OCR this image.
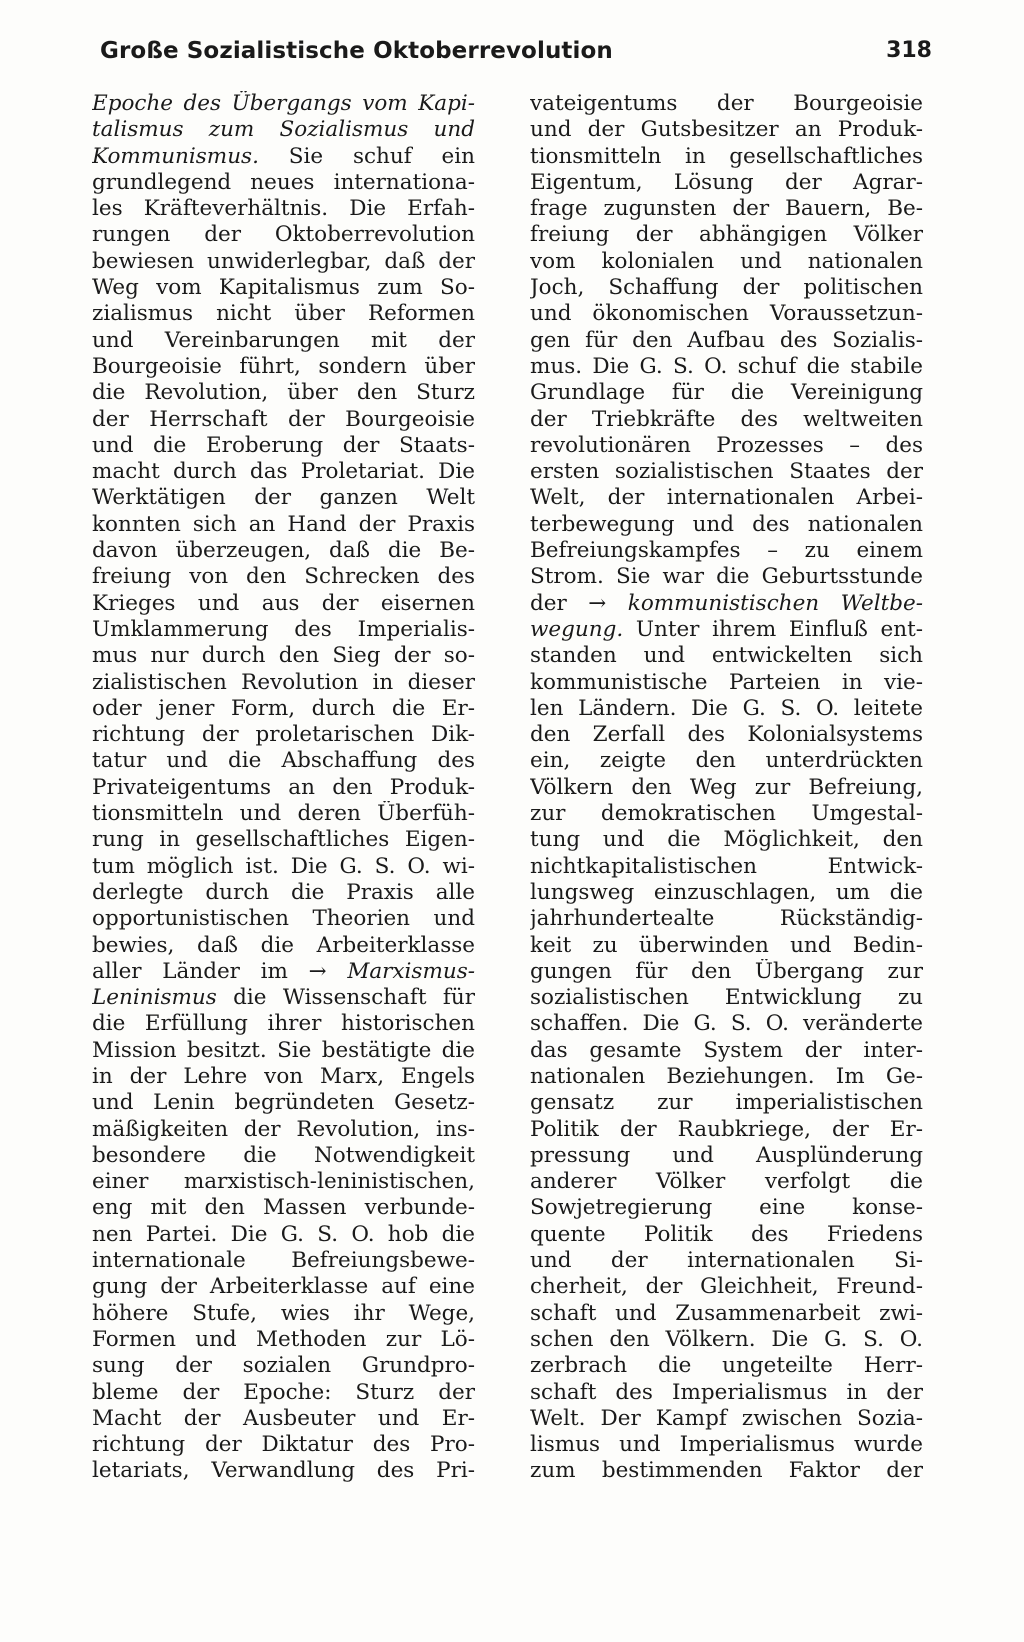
Große Sozialistische Oktoberrevolution	318
Epoche des Übergangs vom Kapi-
talismus zum Sozialismus und
Kommunismus. Sie schuf ein
grundlegend neues internationa-
les Kräfteverhältnis. Die Erfah-
rungen der Oktoberrevolution
bewiesen unwiderlegbar, daß der
Weg vom Kapitalismus zum So-
zialismus nicht über Reformen
und Vereinbarungen mit der
Bourgeoisie führt, sondern über
die Revolution, über den Sturz
der Herrschaft der Bourgeoisie
und die Eroberung der Staats-
macht durch das Proletariat. Die
Werktätigen der ganzen Welt
konnten sich an Hand der Praxis
davon überzeugen, daß die Be-
freiung von den Schrecken des
Krieges und aus der eisernen
Umklammerung des Imperialis-
mus nur durch den Sieg der so-
zialistischen Revolution in dieser
oder jener Form, durch die Er-
richtung der proletarischen Dik-
tatur und die Abschaffung des
Privateigentums an den Produk-
tionsmitteln und deren Überfüh-
rung in gesellschaftliches Eigen-
tum möglich ist. Die G. S. O. wi-
derlegte durch die Praxis alle
opportunistischen Theorien und
bewies, daß die Arbeiterklasse
aller Länder im → Marxismus-
Leninismus die Wissenschaft für
die Erfüllung ihrer historischen
Mission besitzt. Sie bestätigte die
in der Lehre von Marx, Engels
und Lenin begründeten Gesetz-
mäßigkeiten der Revolution, ins-
besondere die Notwendigkeit
einer marxistisch-leninistischen,
eng mit den Massen verbunde-
nen Partei. Die G. S. O. hob die
internationale Befreiungsbewe-
gung der Arbeiterklasse auf eine
höhere Stufe, wies ihr Wege,
Formen und Methoden zur Lö-
sung der sozialen Grundpro-
bleme der Epoche: Sturz der
Macht der Ausbeuter und Er-
richtung der Diktatur des Pro-
letariats, Verwandlung des Pri-
vateigentums der Bourgeoisie
und der Gutsbesitzer an Produk-
tionsmitteln in gesellschaftliches
Eigentum, Lösung der Agrar-
frage zugunsten der Bauern, Be-
freiung der abhängigen Völker
vom kolonialen und nationalen
Joch, Schaffung der politischen
und ökonomischen Voraussetzun-
gen für den Aufbau des Sozialis-
mus. Die G. S. O. schuf die stabile
Grundlage für die Vereinigung
der Triebkräfte des weltweiten
revolutionären Prozesses – des
ersten sozialistischen Staates der
Welt, der internationalen Arbei-
terbewegung und des nationalen
Befreiungskampfes – zu einem
Strom. Sie war die Geburtsstunde
der → kommunistischen Weltbe-
wegung. Unter ihrem Einfluß ent-
standen und entwickelten sich
kommunistische Parteien in vie-
len Ländern. Die G. S. O. leitete
den Zerfall des Kolonialsystems
ein, zeigte den unterdrückten
Völkern den Weg zur Befreiung,
zur demokratischen Umgestal-
tung und die Möglichkeit, den
nichtkapitalistischen Entwick-
lungsweg einzuschlagen, um die
jahrhundertealte Rückständig-
keit zu überwinden und Bedin-
gungen für den Übergang zur
sozialistischen Entwicklung zu
schaffen. Die G. S. O. veränderte
das gesamte System der inter-
nationalen Beziehungen. Im Ge-
gensatz zur imperialistischen
Politik der Raubkriege, der Er-
pressung und Ausplünderung
anderer Völker verfolgt die
Sowjetregierung eine konse-
quente Politik des Friedens
und der internationalen Si-
cherheit, der Gleichheit, Freund-
schaft und Zusammenarbeit zwi-
schen den Völkern. Die G. S. O.
zerbrach die ungeteilte Herr-
schaft des Imperialismus in der
Welt. Der Kampf zwischen Sozia-
lismus und Imperialismus wurde
zum bestimmenden Faktor der
